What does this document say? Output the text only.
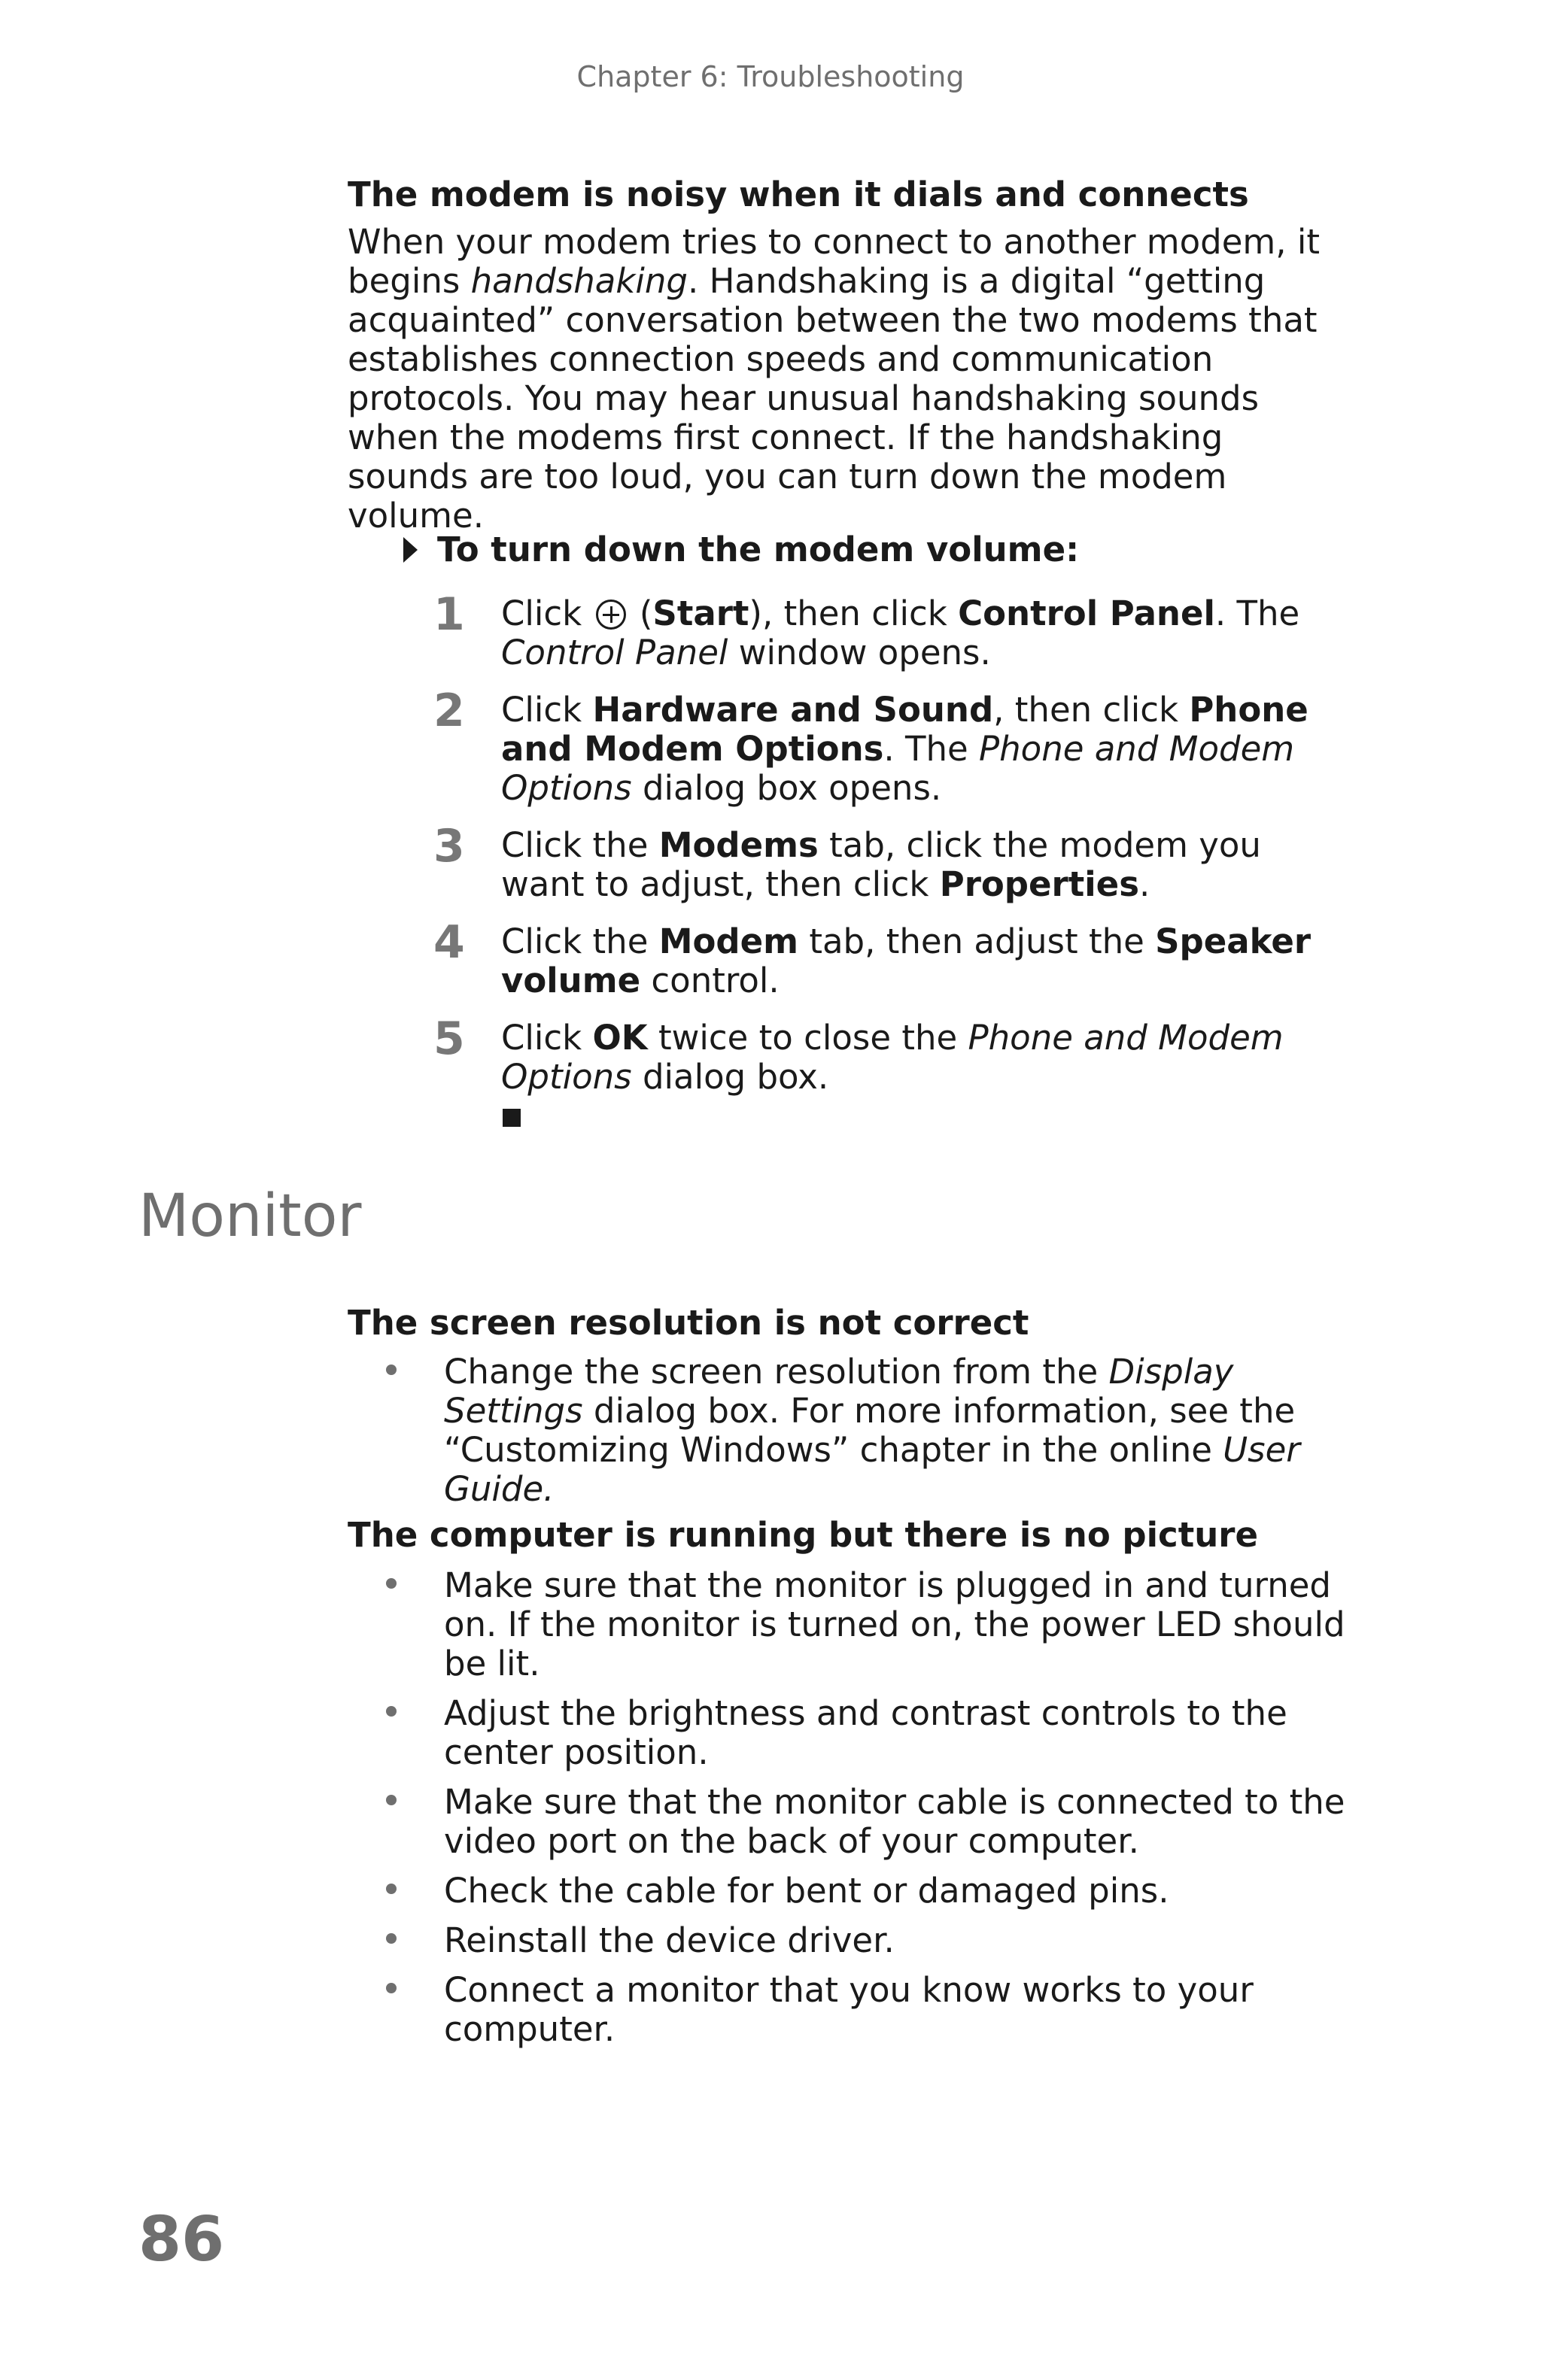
Chapter 6: Troubleshooting
The modem is noisy when it dials and connects

When your modem tries to connect to another modem, it begins handshaking. Handshaking is a digital “getting acquainted” conversation between the two modems that establishes connection speeds and communication protocols. You may hear unusual handshaking sounds when the modems first connect. If the handshaking sounds are too loud, you can turn down the modem volume.

To turn down the modem volume:
1 Click  (Start), then click Control Panel. The Control Panel window opens.
2 Click Hardware and Sound, then click Phone and Modem Options. The Phone and Modem Options dialog box opens.
3 Click the Modems tab, click the modem you want to adjust, then click Properties.
4 Click the Modem tab, then adjust the Speaker volume control.
5 Click OK twice to close the Phone and Modem Options dialog box.
Monitor
The screen resolution is not correct
Change the screen resolution from the Display Settings dialog box. For more information, see the “Customizing Windows” chapter in the online User Guide.
The computer is running but there is no picture
Make sure that the monitor is plugged in and turned on. If the monitor is turned on, the power LED should be lit.
Adjust the brightness and contrast controls to the center position.
Make sure that the monitor cable is connected to the video port on the back of your computer.
Check the cable for bent or damaged pins.
Reinstall the device driver.
Connect a monitor that you know works to your computer.
86
